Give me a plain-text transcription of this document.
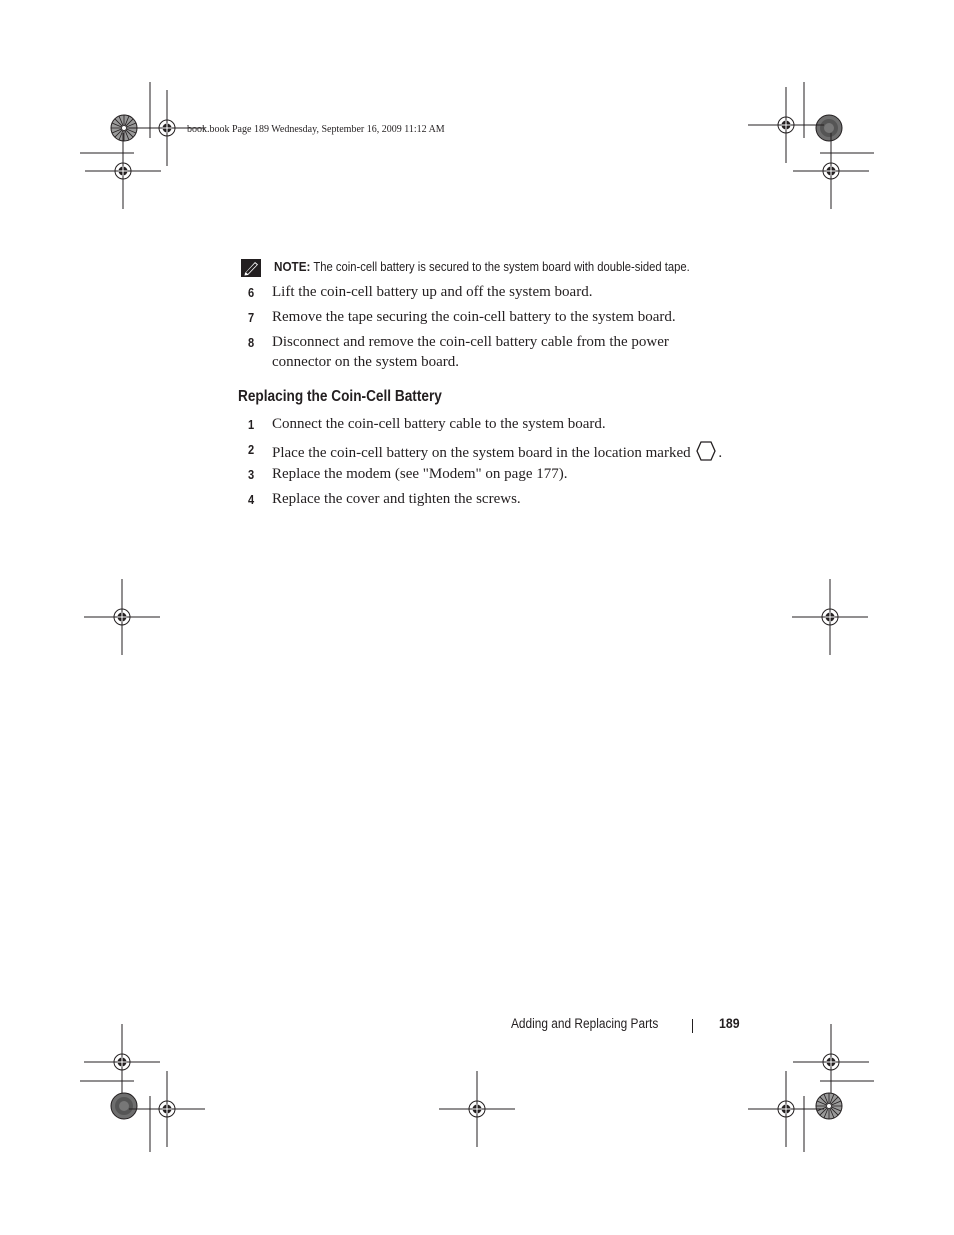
book.book Page 189 Wednesday, September 16, 2009 11:12 AM
NOTE: The coin-cell battery is secured to the system board with double-sided tape.
6 Lift the coin-cell battery up and off the system board.
7 Remove the tape securing the coin-cell battery to the system board.
8 Disconnect and remove the coin-cell battery cable from the power connector on the system board.
Replacing the Coin-Cell Battery
1 Connect the coin-cell battery cable to the system board.
2 Place the coin-cell battery on the system board in the location marked .
3 Replace the modem (see "Modem" on page 177).
4 Replace the cover and tighten the screws.
Adding and Replacing Parts	189
